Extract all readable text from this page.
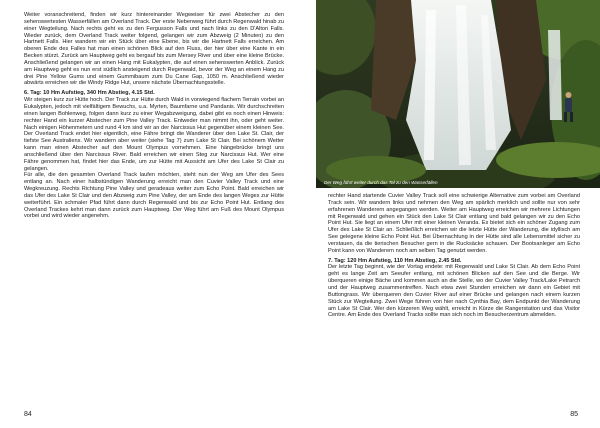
Weiter voranschreitend, finden wir kurz hintereinander Wegweiser für zwei Abstecher zu den sehenswertesten Wasserfällen am Overland Track. Der erste Nebenweg führt durch Regenwald hinab zu einer Wegteilung. Nach rechts geht es zu den Fergusson Falls und nach links zu den D'Alton Falls. Wieder zurück, dem Overland Track weiter folgend, gelangen wir zum Abzweig (2 Minuten) zu den Hartnett Falls. Hier wandern wir ein Stück über eine Ebene, bis wir die Hartnett Falls erreichen. Am oberen Ende des Falles hat man einen schönen Blick auf den Fluss, der hier über eine Kante in ein Becken stürzt. Zurück am Hauptweg geht es bergauf bis zum Mersey River und über eine kleine Brücke. Anschließend gelangen wir an einen Hang mit Eukalypten, die auf einen sehenswerten Anblick. Zurück am Hauptweg geht es nun erst südlich ansteigend durch Regenwald, bevor der Weg an einem Hang zu drei Pine Yellow Gums und einem Gummibaum zum Du Cane Gap, 1050 m. Anschließend wieder abwärts erreichen wir die Windy Ridge Hut, unsere nächste Übernachtungsstelle.

6. Tag: 10 Hm Aufstieg, 340 Hm Abstieg, 4.15 Std.

Wir steigen kurz zur Hütte hoch. Der Track zur Hütte durch Wald in vorwiegend flachem Terrain vorbei an Eukalypten, jedoch mit vielfältigem Bewuchs, u.a. Myrten, Baumfarne und Pandanis. Wir durchschreiten einen langen Bohlenweg, folgen dann kurz zu einer Wegabzweigung, dabei gibt es noch einen Hinweis: rechter Hand ein kurzer Abstecher zum Pine Valley Track. Entweder man nimmt ihn, oder geht weiter. Nach einigen Höhenmetern und rund 4 km sind wir an der Narcissus Hut gegenüber einem kleinen See. Der Overland Track endet hier eigentlich, eine Fähre bringt die Wanderer über den Lake St. Clair, der tiefste See Australiens. Wir wandern aber weiter (siehe Tag 7) zum Lake St Clair. Bei schönem Wetter kann man einen Abstecher auf den Mount Olympus vornehmen. Eine hängebrücke bringt uns anschließend über den Narcissus River. Bald erreichen wir einen Steg zur Narcissus Hut. Wer eine Fähre genommen hat, findet hier das Ende, um zur Hütte mit Aussicht am Ufer des Lake St Clair zu gelangen.

Für alle, die den gesamten Overland Track laufen möchten, steht nun der Weg am Ufer des Sees entlang an. Nach einer halbstündigen Wanderung erreicht man den Cuvier Valley Track und eine Wegkreuzung. Rechts Richtung Pine Valley und geradeaus weiter zum Echo Point. Bald erreichen wir das Ufer des Lake St Clair und den Abzweig zum Pine Valley, der am Ende des langen Weges zur Hütte weiterführt. Ein schmaler Pfad führt dann durch Regenwald und bis zur Echo Point Hut. Entlang des Overland Trackes kehrt man dann zurück zum Hauptweg. Der Weg führt am Fuß des Mount Olympus vorbei und wird wieder angenehm.

84
Der Weg führt weiter durch das Tal zu den Wasserfällen

rechter Hand startende Cuvier Valley Track soll eine schwierige Alternative zum vorbei am Overland Track sein. Wir wandern links und nehmen den Weg am spärlich merklich und sollte nur von sehr erfahrenen Wanderern angegangen werden. Weiter am Hauptweg erreichen wir mehrere Lichtungen mit Regenwald und gehen ein Stück den Lake St Clair entlang und bald gelangen wir zu den Echo Point Hut. Sie liegt an einem Ufer mit einer kleinen Veranda. Es bietet sich ein schöner Zugang zum Ufer des Lake St Clair an. Schließlich erreichen wir die letzte Hütte der Wanderung, die idyllisch am See gelegene kleine Echo Point Hut. Bei Übernachtung in der Hütte sind alle Lebensmittel sicher zu verstauen, da die tierischen Besucher gern in die Rucksäcke schauen. Der Bootsanleger am Echo Point kann von Wanderern noch am selben Tag genutzt werden.

7. Tag: 120 Hm Aufstieg, 110 Hm Abstieg, 2.45 Std.

Der letzte Tag beginnt, wie der Vortag endete: mit Regenwald und Lake St Clair. Ab dem Echo Point geht es lange Zeit am Seeufer entlang, mit schönen Blicken auf den See und die Berge. Wir überqueren einige Bäche und kommen auch an die Stelle, wo der Cuvier Valley Track/Lake Petrarch und der Hauptweg zusammentreffen. Nach etwa zwei Stunden erreichen wir dann ein Gebiet mit Buttongrass. Wir überqueren den Cuvier River auf einer Brücke und gelangen nach einem kurzen Stück zur Wegteilung. Zwei Wege führen von hier nach Cynthia Bay, dem Endpunkt der Wanderung am Lake St Clair. Wer den kürzeren Weg wählt, erreicht in Kürze die Rangerstation und das Visitor Centre. Am Ende des Overland Tracks sollte man sich noch im Besucherzentrum abmelden.

85
